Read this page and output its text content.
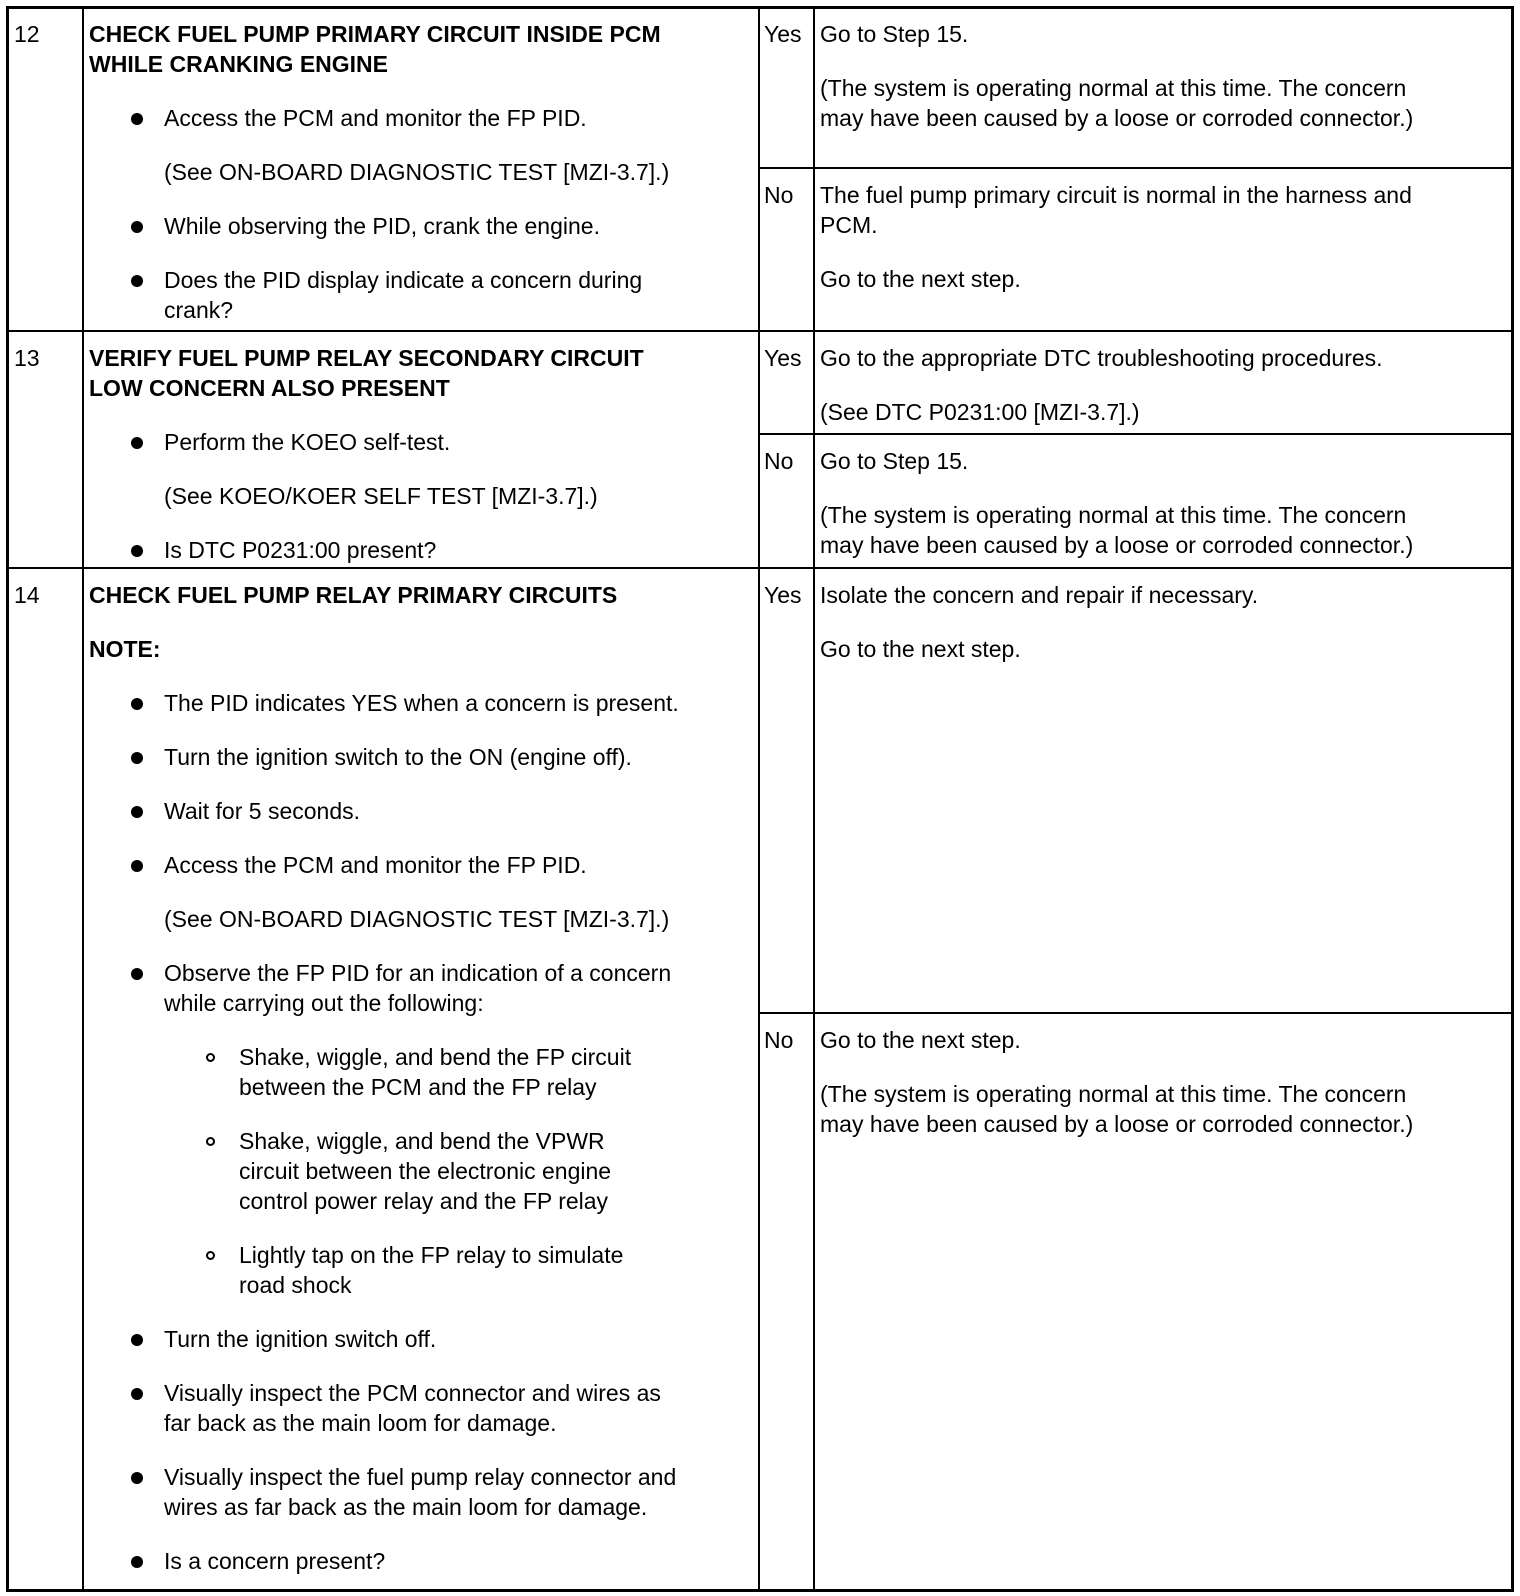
12 CHECK FUEL PUMP PRIMARY CIRCUIT INSIDE PCM
WHILE CRANKING ENGINE
Access the PCM and monitor the FP PID.
(See ON-BOARD DIAGNOSTIC TEST [MZI-3.7].)
While observing the PID, crank the engine.
Does the PID display indicate a concern during
crank?
Yes Go to Step 15.
(The system is operating normal at this time. The concern
may have been caused by a loose or corroded connector.)
No The fuel pump primary circuit is normal in the harness and
PCM.
Go to the next step.
13 VERIFY FUEL PUMP RELAY SECONDARY CIRCUIT
LOW CONCERN ALSO PRESENT
Perform the KOEO self-test.
(See KOEO/KOER SELF TEST [MZI-3.7].)
Is DTC P0231:00 present?
Yes Go to the appropriate DTC troubleshooting procedures.
(See DTC P0231:00 [MZI-3.7].)
No Go to Step 15.
(The system is operating normal at this time. The concern
may have been caused by a loose or corroded connector.)
14 CHECK FUEL PUMP RELAY PRIMARY CIRCUITS
NOTE:
The PID indicates YES when a concern is present.
Turn the ignition switch to the ON (engine off).
Wait for 5 seconds.
Access the PCM and monitor the FP PID.
(See ON-BOARD DIAGNOSTIC TEST [MZI-3.7].)
Observe the FP PID for an indication of a concern
while carrying out the following:
Shake, wiggle, and bend the FP circuit
between the PCM and the FP relay
Shake, wiggle, and bend the VPWR
circuit between the electronic engine
control power relay and the FP relay
Lightly tap on the FP relay to simulate
road shock
Turn the ignition switch off.
Visually inspect the PCM connector and wires as
far back as the main loom for damage.
Visually inspect the fuel pump relay connector and
wires as far back as the main loom for damage.
Is a concern present?
Yes Isolate the concern and repair if necessary.
Go to the next step.
No Go to the next step.
(The system is operating normal at this time. The concern
may have been caused by a loose or corroded connector.)
